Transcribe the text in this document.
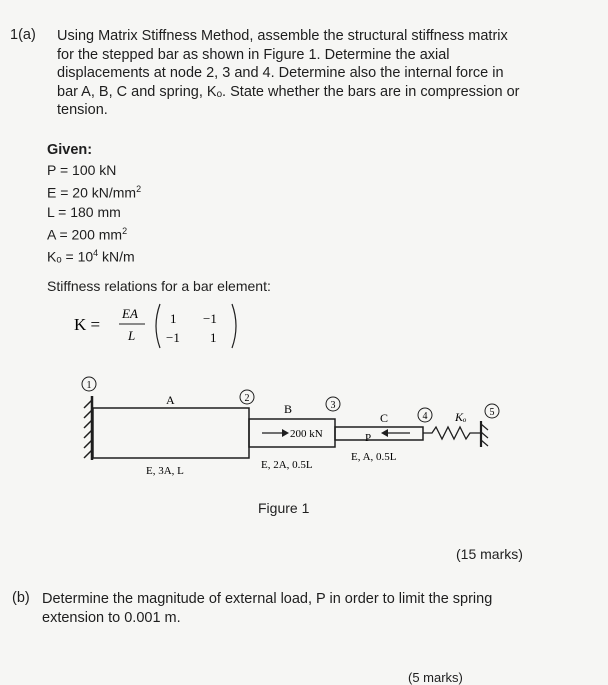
1(a) Using Matrix Stiffness Method, assemble the structural stiffness matrix
for the stepped bar as shown in Figure 1. Determine the axial
displacements at node 2, 3 and 4. Determine also the internal force in
bar A, B, C and spring, Kₒ. State whether the bars are in compression or
tension.
Given:
P = 100 kN
E = 20 $kN/mm^2$
L = 180 mm
A = 200 $mm^2$
$K_o = 10^4$ kN/m
Stiffness relations for a bar element:
K =
EA
L
1 −1
−1 1
1
2
3
4	5
A
B
C	Kₒ
200 kN	P
E, 3A, L	E, 2A, 0.5L
E, A, 0.5L
Figure 1
(15 marks)
(b) Determine the magnitude of external load, P in order to limit the spring
extension to 0.001 m.
(5 marks)
